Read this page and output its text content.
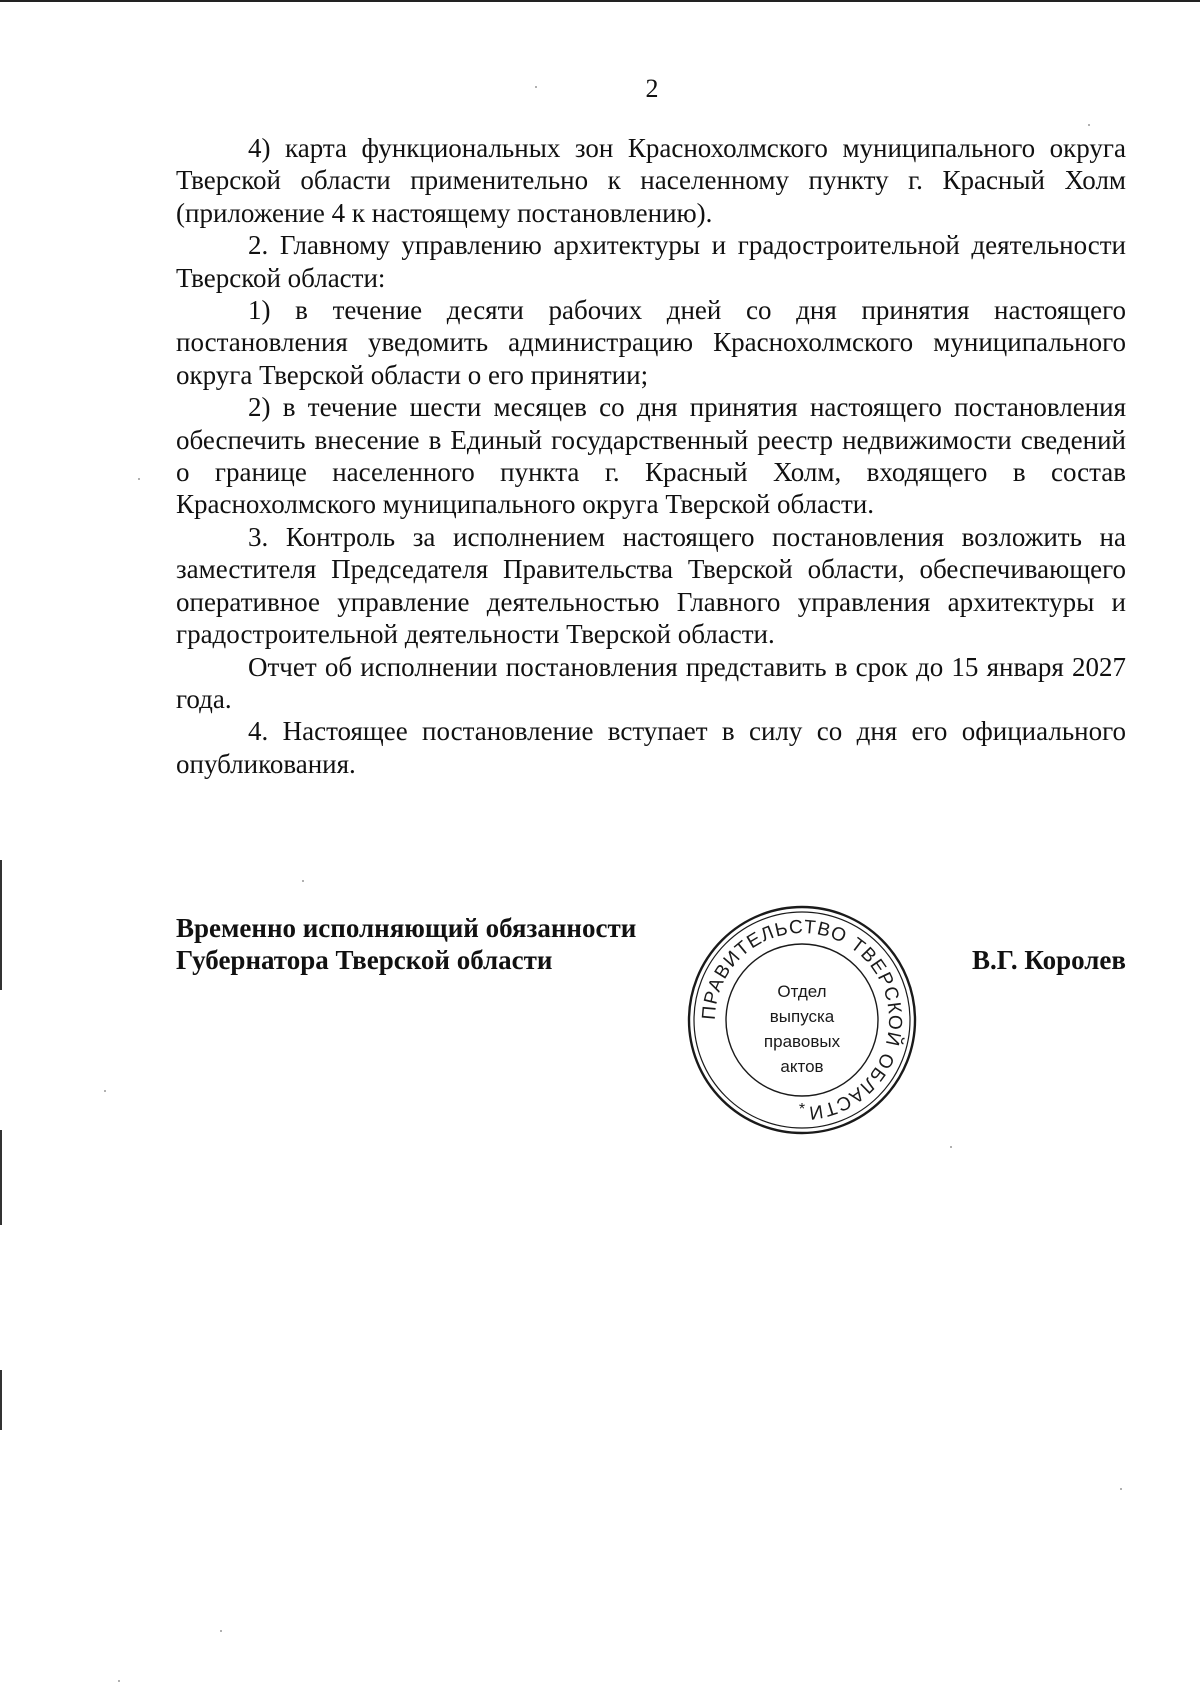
2

4) карта функциональных зон Краснохолмского муниципального округа Тверской области применительно к населенному пункту г. Красный Холм (приложение 4 к настоящему постановлению).

2. Главному управлению архитектуры и градостроительной деятельности Тверской области:

1) в течение десяти рабочих дней со дня принятия настоящего постановления уведомить администрацию Краснохолмского муниципального округа Тверской области о его принятии;

2) в течение шести месяцев со дня принятия настоящего постановления обеспечить внесение в Единый государственный реестр недвижимости сведений о границе населенного пункта г. Красный Холм, входящего в состав Краснохолмского муниципального округа Тверской области.

3. Контроль за исполнением настоящего постановления возложить на заместителя Председателя Правительства Тверской области, обеспечивающего оперативное управление деятельностью Главного управления архитектуры и градостроительной деятельности Тверской области.

Отчет об исполнении постановления представить в срок до 15 января 2027 года.

4. Настоящее постановление вступает в силу со дня его официального опубликования.

Временно исполняющий обязанности
Губернатора Тверской области	В.Г. Королев
ПРАВИТЕЛЬСТВО ТВЕРСКОЙ ОБЛАСТИ
*
Отдел
выпуска
правовых
актов
